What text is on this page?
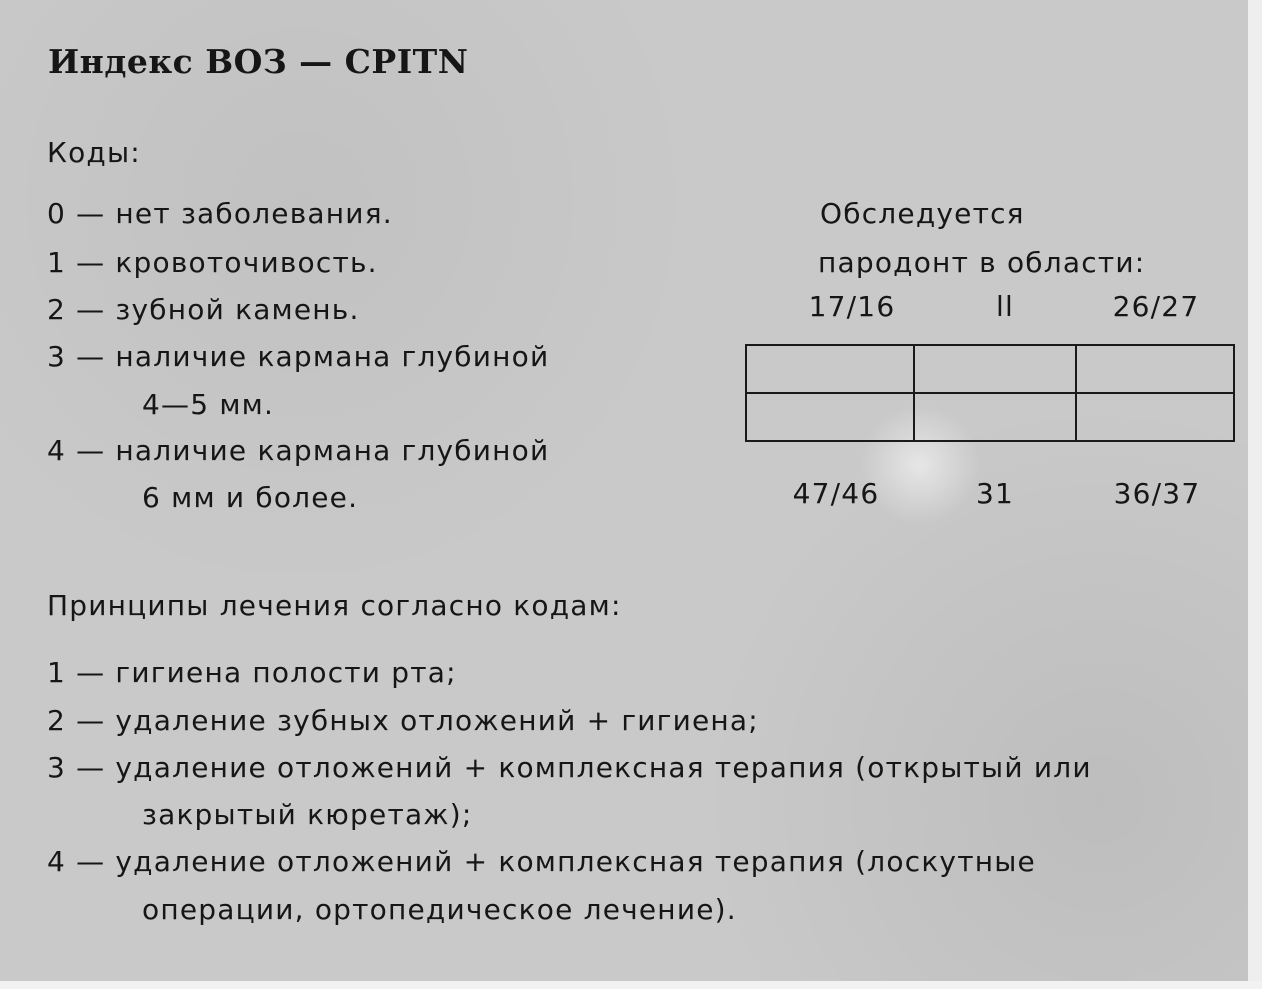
Индекс ВОЗ — CPITN
Коды:
0 — нет заболевания.
1 — кровоточивость.
2 — зубной камень.
3 — наличие кармана глубиной
4—5 мм.
4 — наличие кармана глубиной
6 мм и более.
Обследуется
пародонт в области:
17/16	ll	26/27
47/46	31	36/37
Принципы лечения согласно кодам:
1 — гигиена полости рта;
2 — удаление зубных отложений + гигиена;
3 — удаление отложений + комплексная терапия (открытый или
закрытый кюретаж);
4 — удаление отложений + комплексная терапия (лоскутные
операции, ортопедическое лечение).
